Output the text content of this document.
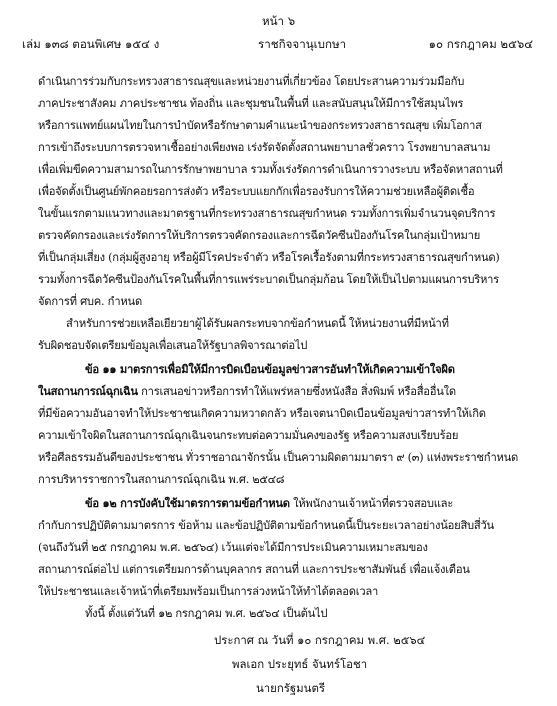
หน้า ๖
เล่ม ๑๓๘ ตอนพิเศษ ๑๕๔ ง	ราชกิจจานุเบกษา	๑๐ กรกฎาคม ๒๕๖๔
ดำเนินการร่วมกับกระทรวงสาธารณสุขและหน่วยงานที่เกี่ยวข้อง โดยประสานความร่วมมือกับ
ภาคประชาสังคม ภาคประชาชน ท้องถิ่น และชุมชนในพื้นที่ และสนับสนุนให้มีการใช้สมุนไพร
หรือการแพทย์แผนไทยในการบำบัดหรือรักษาตามคำแนะนำของกระทรวงสาธารณสุข เพิ่มโอกาส
การเข้าถึงระบบการตรวจหาเชื้ออย่างเพียงพอ เร่งรัดจัดตั้งสถานพยาบาลชั่วคราว โรงพยาบาลสนาม
เพื่อเพิ่มขีดความสามารถในการรักษาพยาบาล รวมทั้งเร่งรัดการดำเนินการวางระบบ หรือจัดหาสถานที่
เพื่อจัดตั้งเป็นศูนย์พักคอยรอการส่งตัว หรือระบบแยกกักเพื่อรองรับการให้ความช่วยเหลือผู้ติดเชื้อ
ในขั้นแรกตามแนวทางและมาตรฐานที่กระทรวงสาธารณสุขกำหนด รวมทั้งการเพิ่มจำนวนจุดบริการ
ตรวจคัดกรองและเร่งรัดการให้บริการตรวจคัดกรองและการฉีดวัคซีนป้องกันโรคในกลุ่มเป้าหมาย
ที่เป็นกลุ่มเสี่ยง (กลุ่มผู้สูงอายุ หรือผู้มีโรคประจำตัว หรือโรคเรื้อรังตามที่กระทรวงสาธารณสุขกำหนด)
รวมทั้งการฉีดวัคซีนป้องกันโรคในพื้นที่การแพร่ระบาดเป็นกลุ่มก้อน โดยให้เป็นไปตามแผนการบริหาร
จัดการที่ ศบค. กำหนด
สำหรับการช่วยเหลือเยียวยาผู้ได้รับผลกระทบจากข้อกำหนดนี้ ให้หน่วยงานที่มีหน้าที่
รับผิดชอบจัดเตรียมข้อมูลเพื่อเสนอให้รัฐบาลพิจารณาต่อไป
ข้อ ๑๑ มาตรการเพื่อมิให้มีการบิดเบือนข้อมูลข่าวสารอันทำให้เกิดความเข้าใจผิด
ในสถานการณ์ฉุกเฉิน การเสนอข่าวหรือการทำให้แพร่หลายซึ่งหนังสือ สิ่งพิมพ์ หรือสื่ออื่นใด
ที่มีข้อความอันอาจทำให้ประชาชนเกิดความหวาดกลัว หรือเจตนาบิดเบือนข้อมูลข่าวสารทำให้เกิด
ความเข้าใจผิดในสถานการณ์ฉุกเฉินจนกระทบต่อความมั่นคงของรัฐ หรือความสงบเรียบร้อย
หรือศีลธรรมอันดีของประชาชน ทั่วราชอาณาจักรนั้น เป็นความผิดตามมาตรา ๙ (๓) แห่งพระราชกำหนด
การบริหารราชการในสถานการณ์ฉุกเฉิน พ.ศ. ๒๕๔๘
ข้อ ๑๒ การบังคับใช้มาตรการตามข้อกำหนด ให้พนักงานเจ้าหน้าที่ตรวจสอบและ
กำกับการปฏิบัติตามมาตรการ ข้อห้าม และข้อปฏิบัติตามข้อกำหนดนี้เป็นระยะเวลาอย่างน้อยสิบสี่วัน
(จนถึงวันที่ ๒๕ กรกฎาคม พ.ศ. ๒๕๖๔) เว้นแต่จะได้มีการประเมินความเหมาะสมของ
สถานการณ์ต่อไป แต่การเตรียมการด้านบุคลากร สถานที่ และการประชาสัมพันธ์ เพื่อแจ้งเตือน
ให้ประชาชนและเจ้าหน้าที่เตรียมพร้อมเป็นการล่วงหน้าให้ทำได้ตลอดเวลา
ทั้งนี้ ตั้งแต่วันที่ ๑๒ กรกฎาคม พ.ศ. ๒๕๖๔ เป็นต้นไป
ประกาศ ณ วันที่ ๑๐ กรกฎาคม พ.ศ. ๒๕๖๔
พลเอก ประยุทธ์ จันทร์โอชา
นายกรัฐมนตรี
